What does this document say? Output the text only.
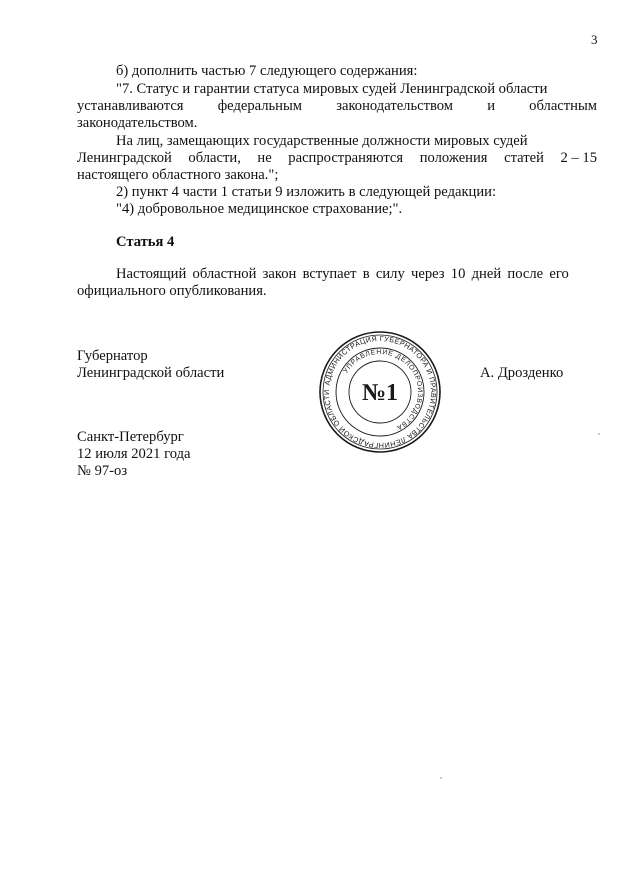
3
б) дополнить частью 7 следующего содержания:
"7. Статус и гарантии статуса мировых судей Ленинградской области
устанавливаются федеральным законодательством и областным
законодательством.
На лиц, замещающих государственные должности мировых судей
Ленинградской области, не распространяются положения статей 2 – 15
настоящего областного закона.";
2) пункт 4 части 1 статьи 9 изложить в следующей редакции:
"4) добровольное медицинское страхование;".
Статья 4
Настоящий областной закон вступает в силу через 10 дней после его
официального опубликования.
Губернатор
Ленинградской области	А. Дрозденко
АДМИНИСТРАЦИЯ ГУБЕРНАТОРА И ПРАВИТЕЛЬСТВА ЛЕНИНГРАДСКОЙ ОБЛАСТИ
УПРАВЛЕНИЕ ДЕЛОПРОИЗВОДСТВА
№1
Санкт-Петербург
12 июля 2021 года
№ 97-оз
